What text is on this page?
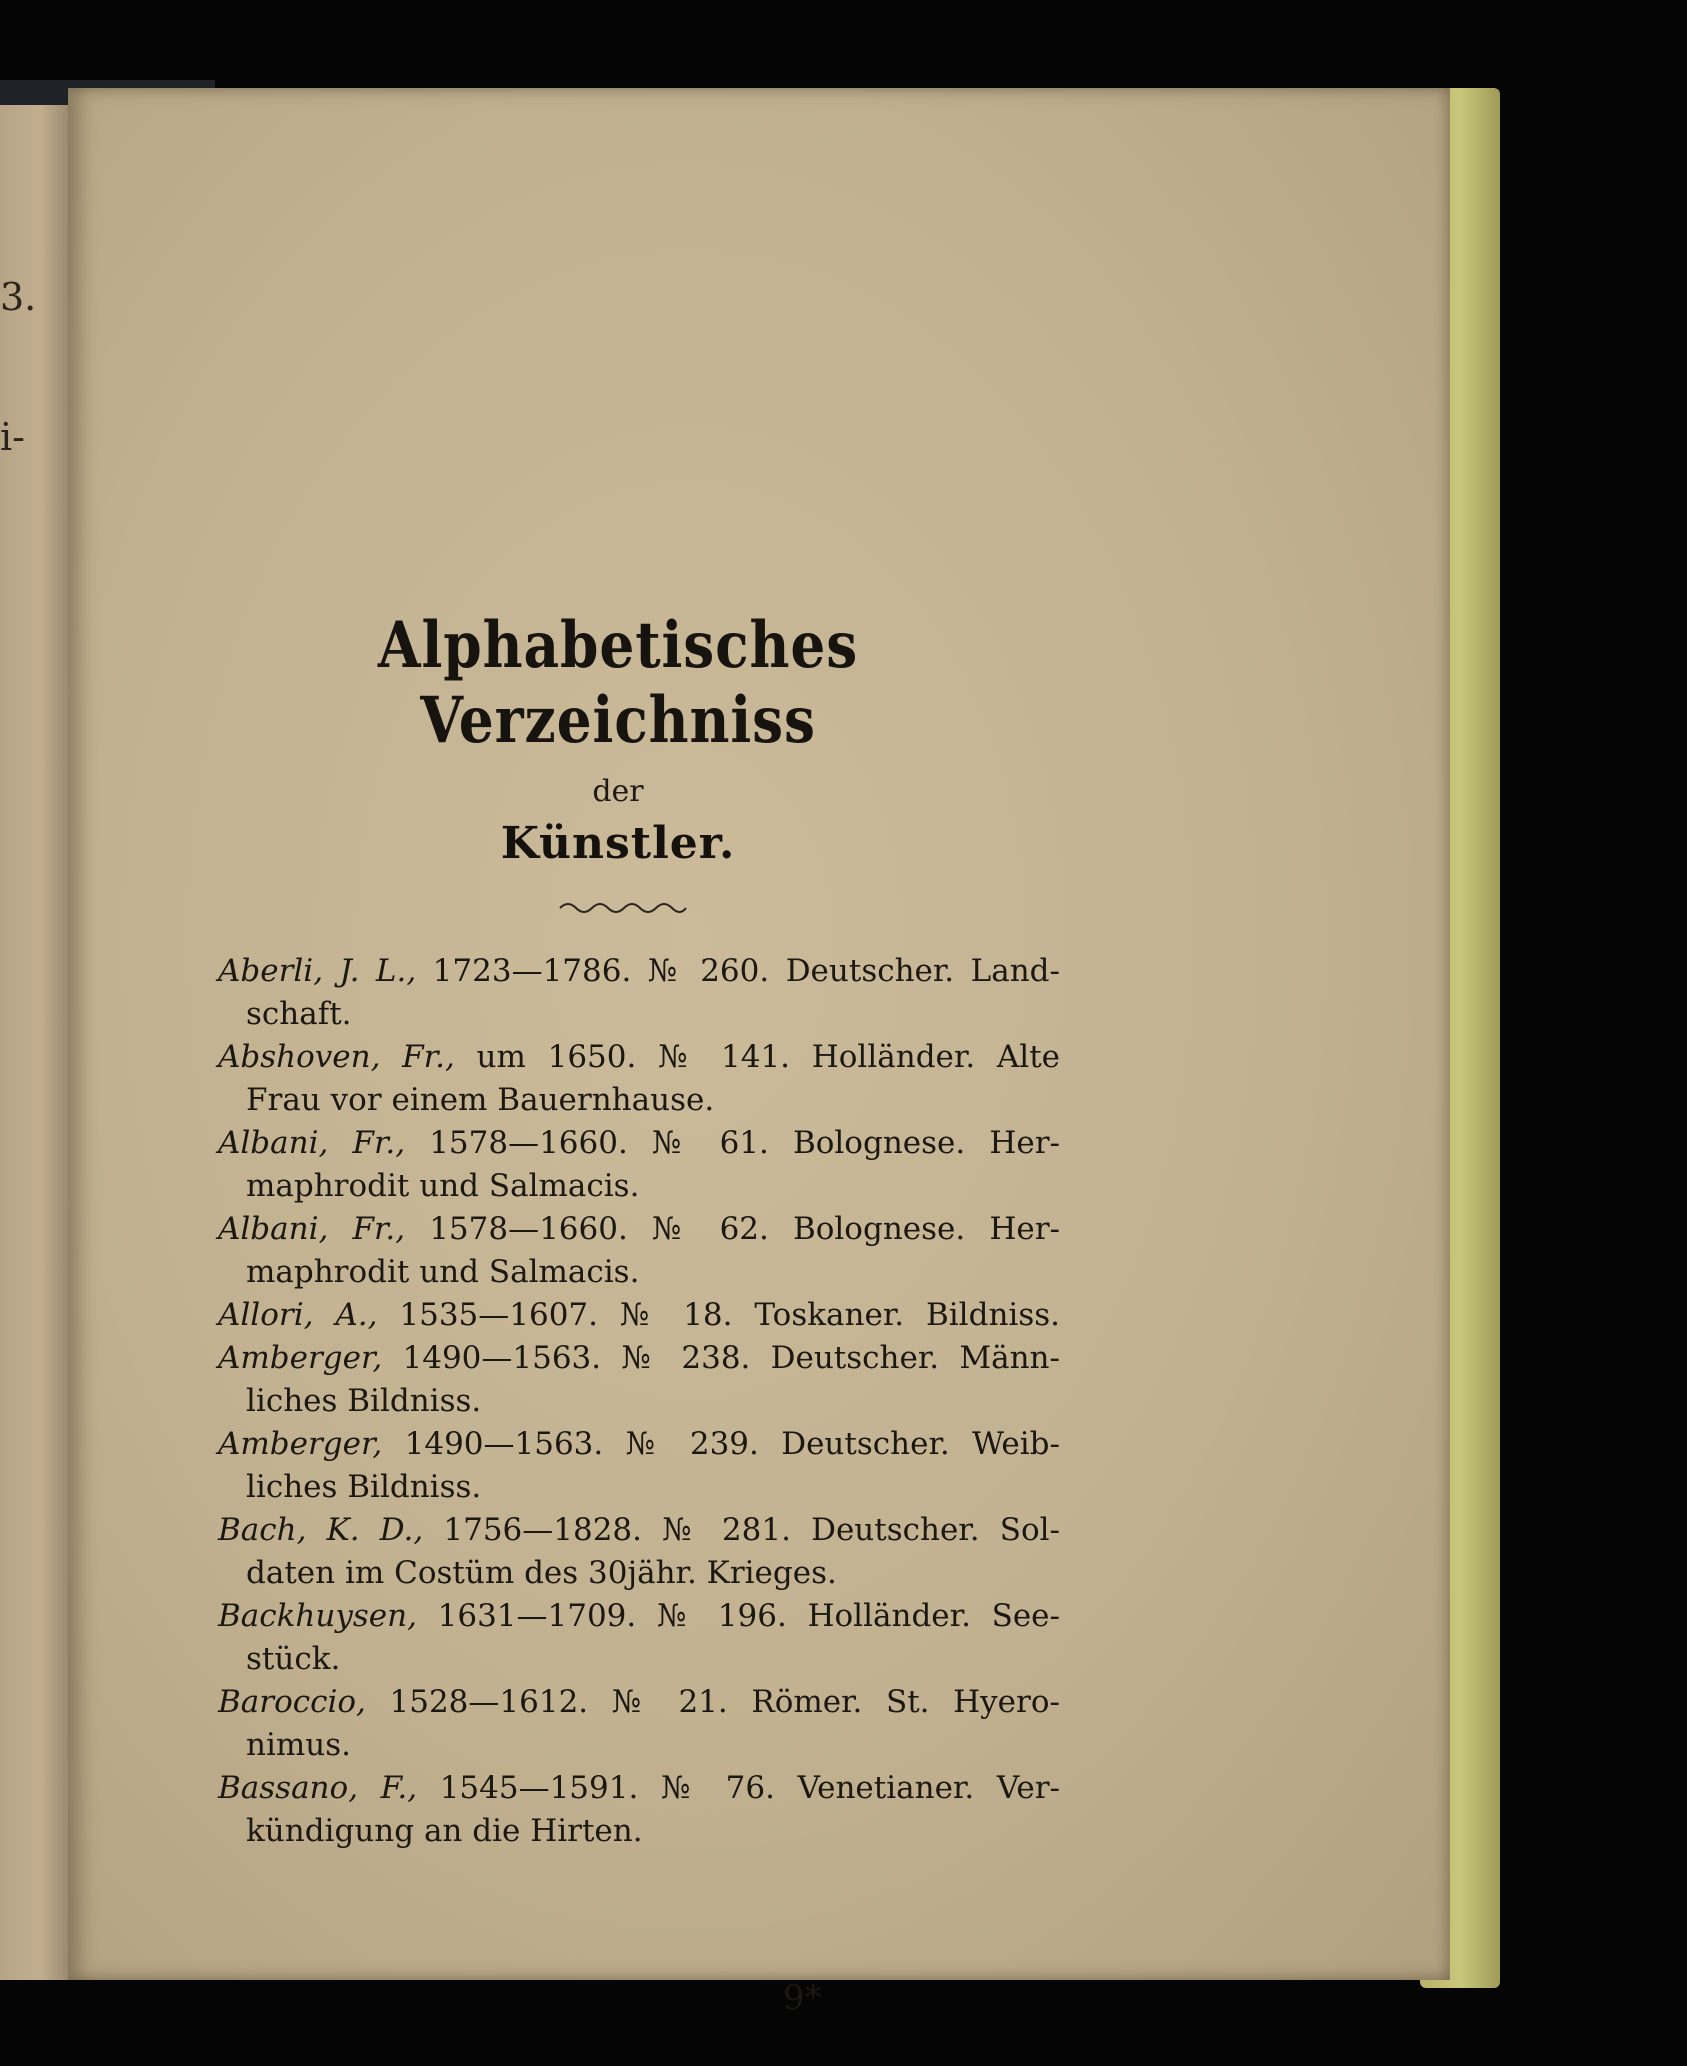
3.
i-
Alphabetisches Verzeichniss
der
Künstler.

Aberli, J. L., 1723—1786. № 260. Deutscher. Land-
schaft.

Abshoven, Fr., um 1650. № 141. Holländer. Alte
Frau vor einem Bauernhause.

Albani, Fr., 1578—1660. № 61. Bolognese. Her-
maphrodit und Salmacis.

Albani, Fr., 1578—1660. № 62. Bolognese. Her-
maphrodit und Salmacis.

Allori, A., 1535—1607. № 18. Toskaner. Bildniss.

Amberger, 1490—1563. № 238. Deutscher. Männ-
liches Bildniss.

Amberger, 1490—1563. № 239. Deutscher. Weib-
liches Bildniss.

Bach, K. D., 1756—1828. № 281. Deutscher. Sol-
daten im Costüm des 30jähr. Krieges.

Backhuysen, 1631—1709. № 196. Holländer. See-
stück.

Baroccio, 1528—1612. № 21. Römer. St. Hyero-
nimus.

Bassano, F., 1545—1591. № 76. Venetianer. Ver-
kündigung an die Hirten.

9*
